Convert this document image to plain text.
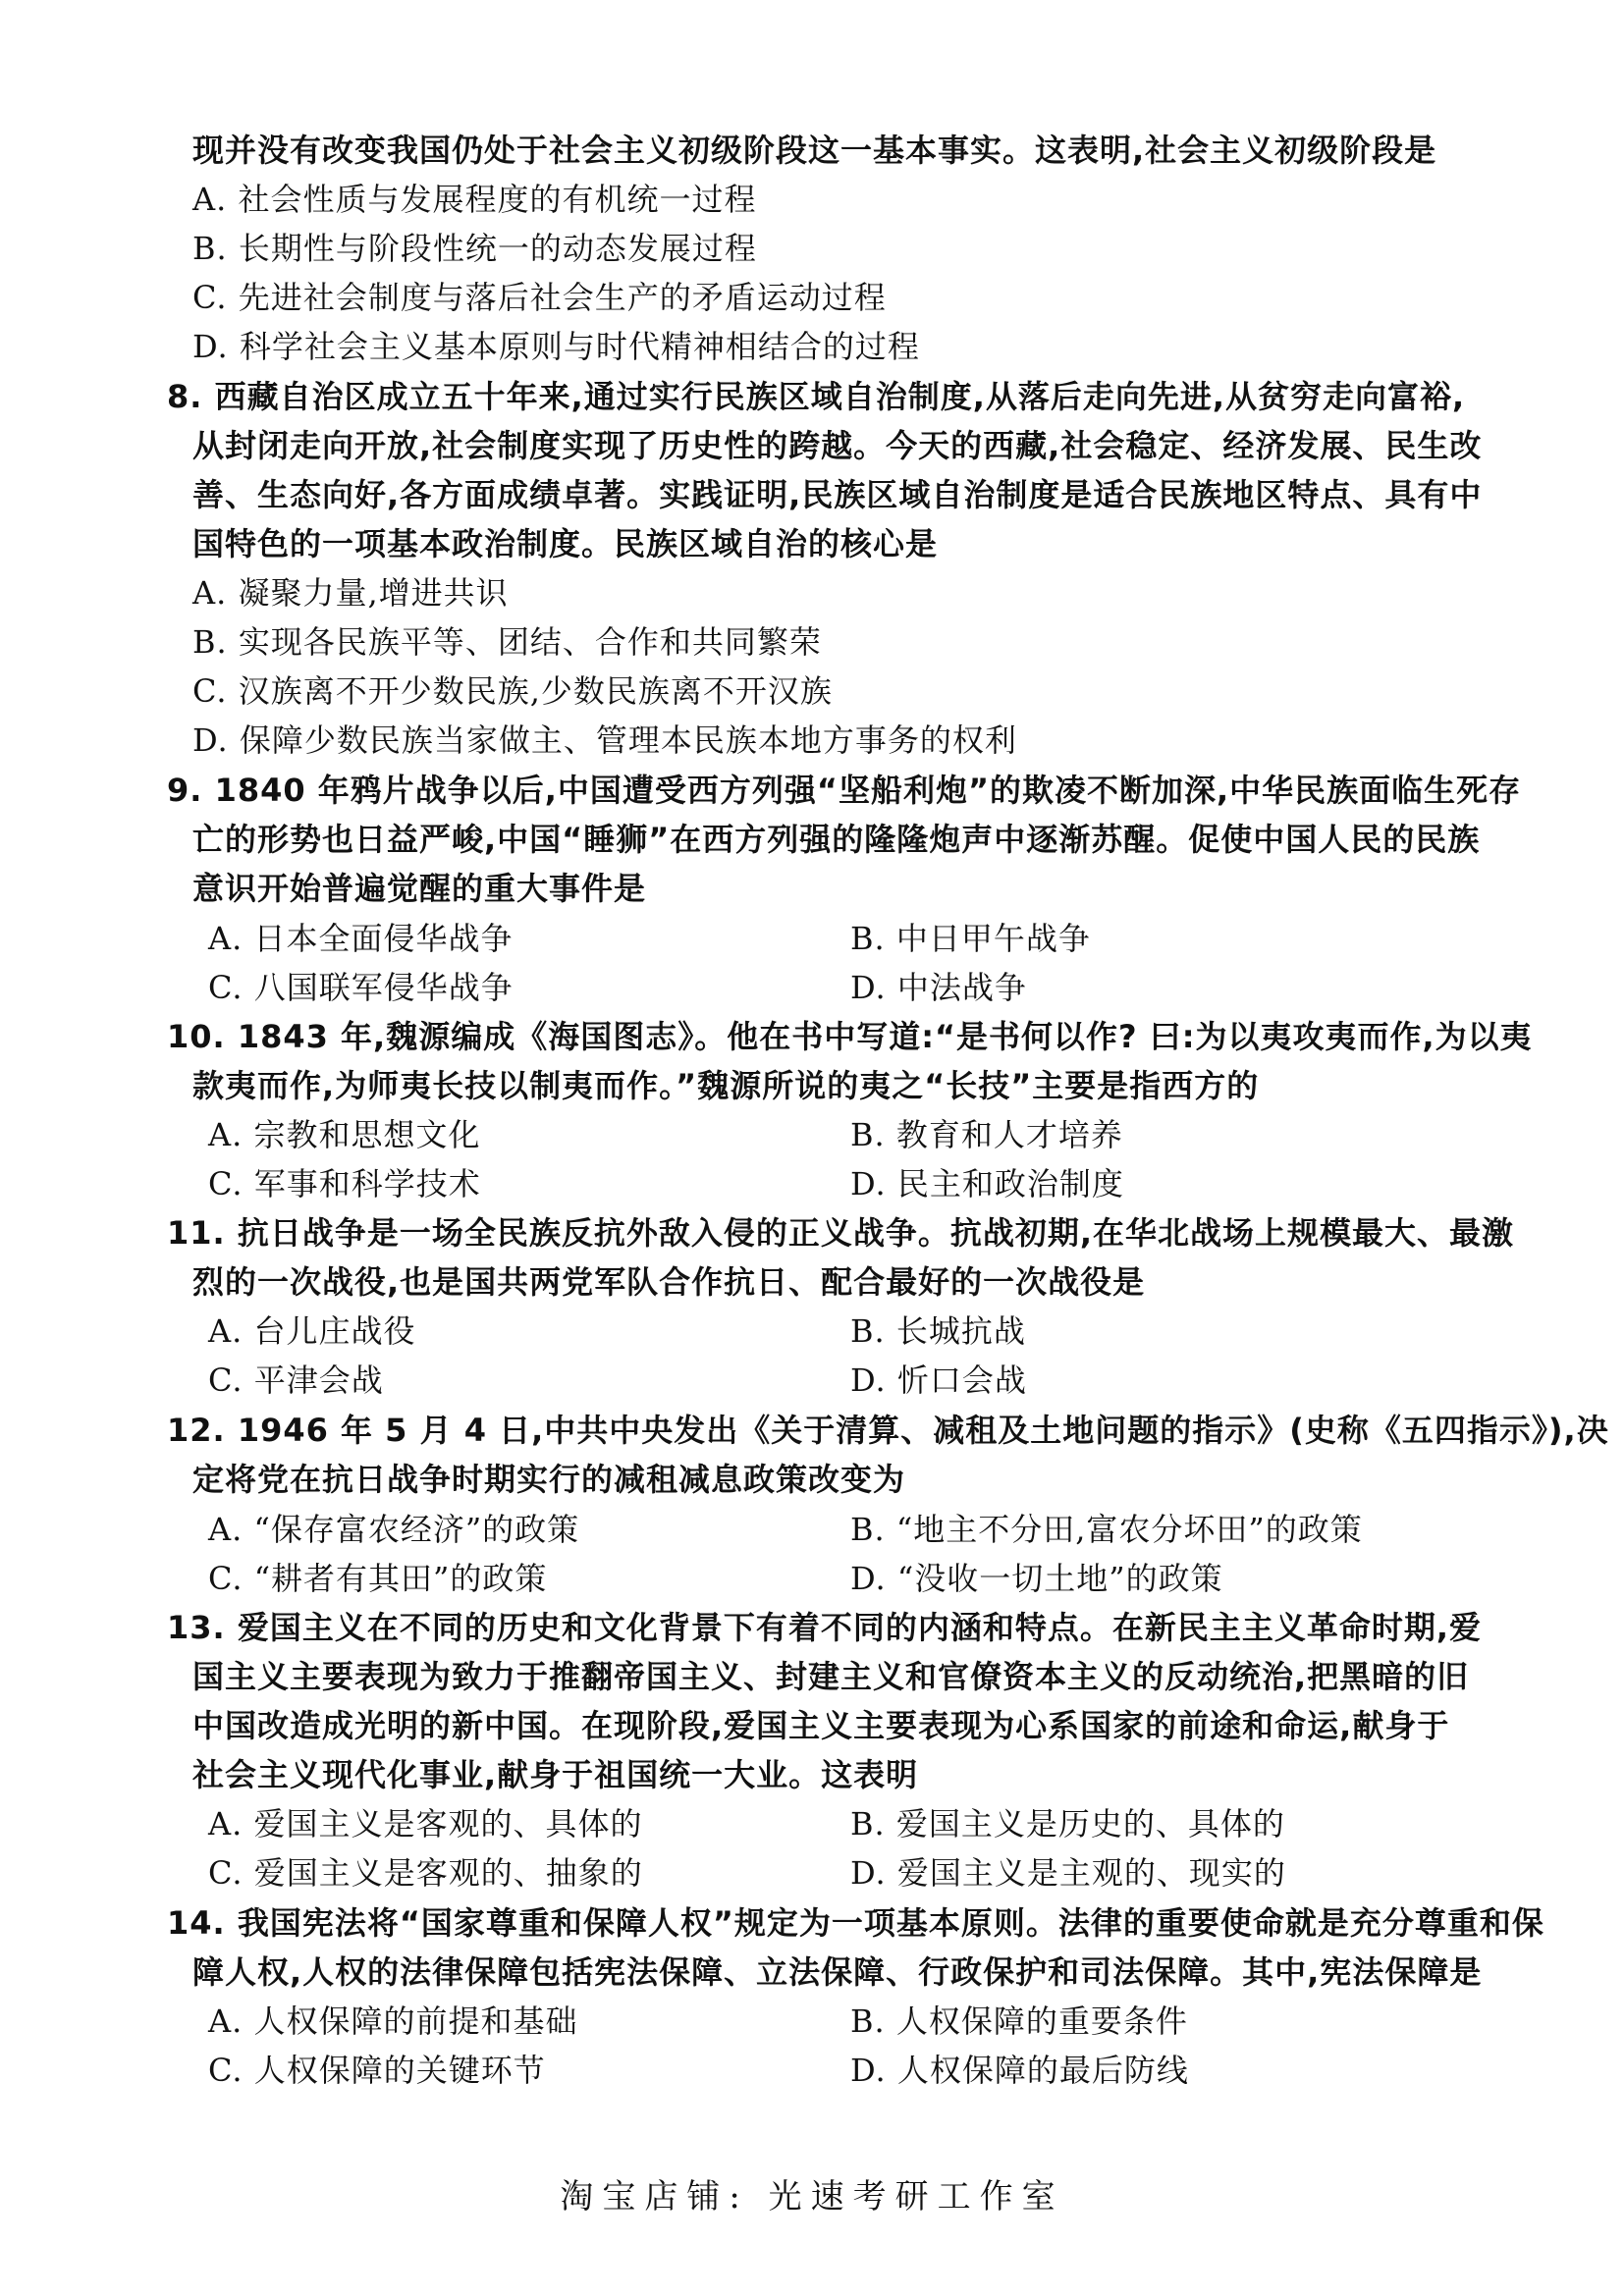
现并没有改变我国仍处于社会主义初级阶段这一基本事实。这表明,社会主义初级阶段是
A. 社会性质与发展程度的有机统一过程
B. 长期性与阶段性统一的动态发展过程
C. 先进社会制度与落后社会生产的矛盾运动过程
D. 科学社会主义基本原则与时代精神相结合的过程
8. 西藏自治区成立五十年来,通过实行民族区域自治制度,从落后走向先进,从贫穷走向富裕,
从封闭走向开放,社会制度实现了历史性的跨越。今天的西藏,社会稳定、经济发展、民生改
善、生态向好,各方面成绩卓著。实践证明,民族区域自治制度是适合民族地区特点、具有中
国特色的一项基本政治制度。民族区域自治的核心是
A. 凝聚力量,增进共识
B. 实现各民族平等、团结、合作和共同繁荣
C. 汉族离不开少数民族,少数民族离不开汉族
D. 保障少数民族当家做主、管理本民族本地方事务的权利
9. 1840 年鸦片战争以后,中国遭受西方列强“坚船利炮”的欺凌不断加深,中华民族面临生死存
亡的形势也日益严峻,中国“睡狮”在西方列强的隆隆炮声中逐渐苏醒。促使中国人民的民族
意识开始普遍觉醒的重大事件是
A. 日本全面侵华战争	B. 中日甲午战争
C. 八国联军侵华战争	D. 中法战争
10. 1843 年,魏源编成《海国图志》。他在书中写道:“是书何以作? 曰:为以夷攻夷而作,为以夷
款夷而作,为师夷长技以制夷而作。”魏源所说的夷之“长技”主要是指西方的
A. 宗教和思想文化	B. 教育和人才培养
C. 军事和科学技术	D. 民主和政治制度
11. 抗日战争是一场全民族反抗外敌入侵的正义战争。抗战初期,在华北战场上规模最大、最激
烈的一次战役,也是国共两党军队合作抗日、配合最好的一次战役是
A. 台儿庄战役	B. 长城抗战
C. 平津会战	D. 忻口会战
12. 1946 年 5 月 4 日,中共中央发出《关于清算、减租及土地问题的指示》(史称《五四指示》),决
定将党在抗日战争时期实行的减租减息政策改变为
A. “保存富农经济”的政策	B. “地主不分田,富农分坏田”的政策
C. “耕者有其田”的政策	D. “没收一切土地”的政策
13. 爱国主义在不同的历史和文化背景下有着不同的内涵和特点。在新民主主义革命时期,爱
国主义主要表现为致力于推翻帝国主义、封建主义和官僚资本主义的反动统治,把黑暗的旧
中国改造成光明的新中国。在现阶段,爱国主义主要表现为心系国家的前途和命运,献身于
社会主义现代化事业,献身于祖国统一大业。这表明
A. 爱国主义是客观的、具体的	B. 爱国主义是历史的、具体的
C. 爱国主义是客观的、抽象的	D. 爱国主义是主观的、现实的
14. 我国宪法将“国家尊重和保障人权”规定为一项基本原则。法律的重要使命就是充分尊重和保
障人权,人权的法律保障包括宪法保障、立法保障、行政保护和司法保障。其中,宪法保障是
A. 人权保障的前提和基础	B. 人权保障的重要条件
C. 人权保障的关键环节	D. 人权保障的最后防线
淘宝店铺: 光速考研工作室
